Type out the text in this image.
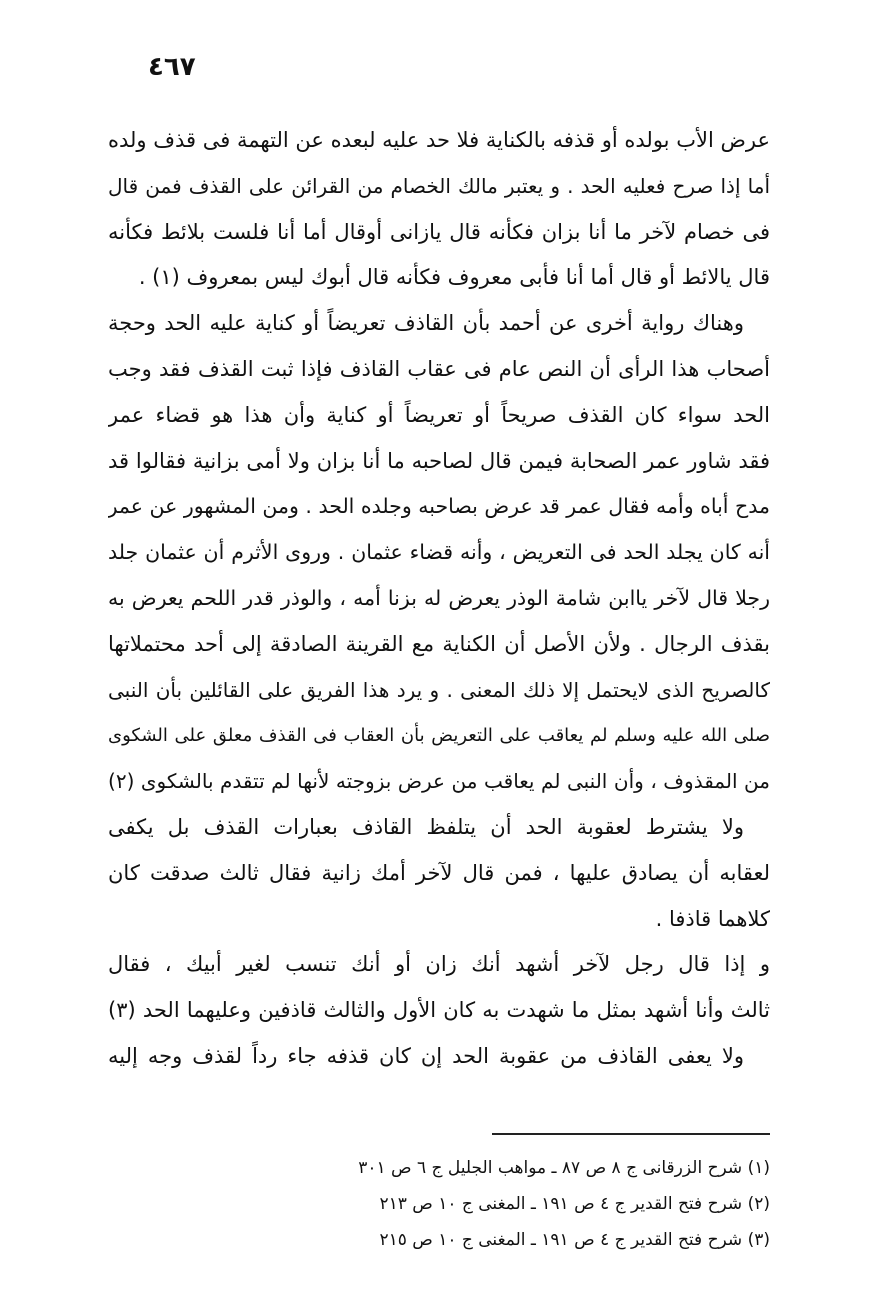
٤٦٧
عرض الأب بولده أو قذفه بالكناية فلا حد عليه لبعده عن التهمة فى قذف ولده
أما إذا صرح فعليه الحد . و يعتبر مالك الخصام من القرائن على القذف فمن قال
فى خصام لآخر ما أنا بزان فكأنه قال يازانى أوقال أما أنا فلست بلائط فكأنه
قال يالائط أو قال أما أنا فأبى معروف فكأنه قال أبوك ليس بمعروف (١) .
وهناك رواية أخرى عن أحمد بأن القاذف تعريضاً أو كناية عليه الحد وحجة
أصحاب هذا الرأى أن النص عام فى عقاب القاذف فإذا ثبت القذف فقد وجب
الحد سواء كان القذف صريحاً أو تعريضاً أو كناية وأن هذا هو قضاء عمر
فقد شاور عمر الصحابة فيمن قال لصاحبه ما أنا بزان ولا أمى بزانية فقالوا قد
مدح أباه وأمه فقال عمر قد عرض بصاحبه وجلده الحد . ومن المشهور عن عمر
أنه كان يجلد الحد فى التعريض ، وأنه قضاء عثمان . وروى الأثرم أن عثمان جلد
رجلا قال لآخر ياابن شامة الوذر يعرض له بزنا أمه ، والوذر قدر اللحم يعرض به
بقذف الرجال . ولأن الأصل أن الكناية مع القرينة الصادقة إلى أحد محتملاتها
كالصريح الذى لايحتمل إلا ذلك المعنى . و يرد هذا الفريق على القائلين بأن النبى
صلى الله عليه وسلم لم يعاقب على التعريض بأن العقاب فى القذف معلق على الشكوى
من المقذوف ، وأن النبى لم يعاقب من عرض بزوجته لأنها لم تتقدم بالشكوى (٢)
ولا يشترط لعقوبة الحد أن يتلفظ القاذف بعبارات القذف بل يكفى
لعقابه أن يصادق عليها ، فمن قال لآخر أمك زانية فقال ثالث صدقت كان
كلاهما قاذفا .
و إذا قال رجل لآخر أشهد أنك زان أو أنك تنسب لغير أبيك ، فقال
ثالث وأنا أشهد بمثل ما شهدت به كان الأول والثالث قاذفين وعليهما الحد (٣)
ولا يعفى القاذف من عقوبة الحد إن كان قذفه جاء رداً لقذف وجه إليه
(١) شرح الزرقانى ج ٨ ص ٨٧ ـ مواهب الجليل ج ٦ ص ٣٠١
(٢) شرح فتح القدير ج ٤ ص ١٩١ ـ المغنى ج ١٠ ص ٢١٣
(٣) شرح فتح القدير ج ٤ ص ١٩١ ـ المغنى ج ١٠ ص ٢١٥
